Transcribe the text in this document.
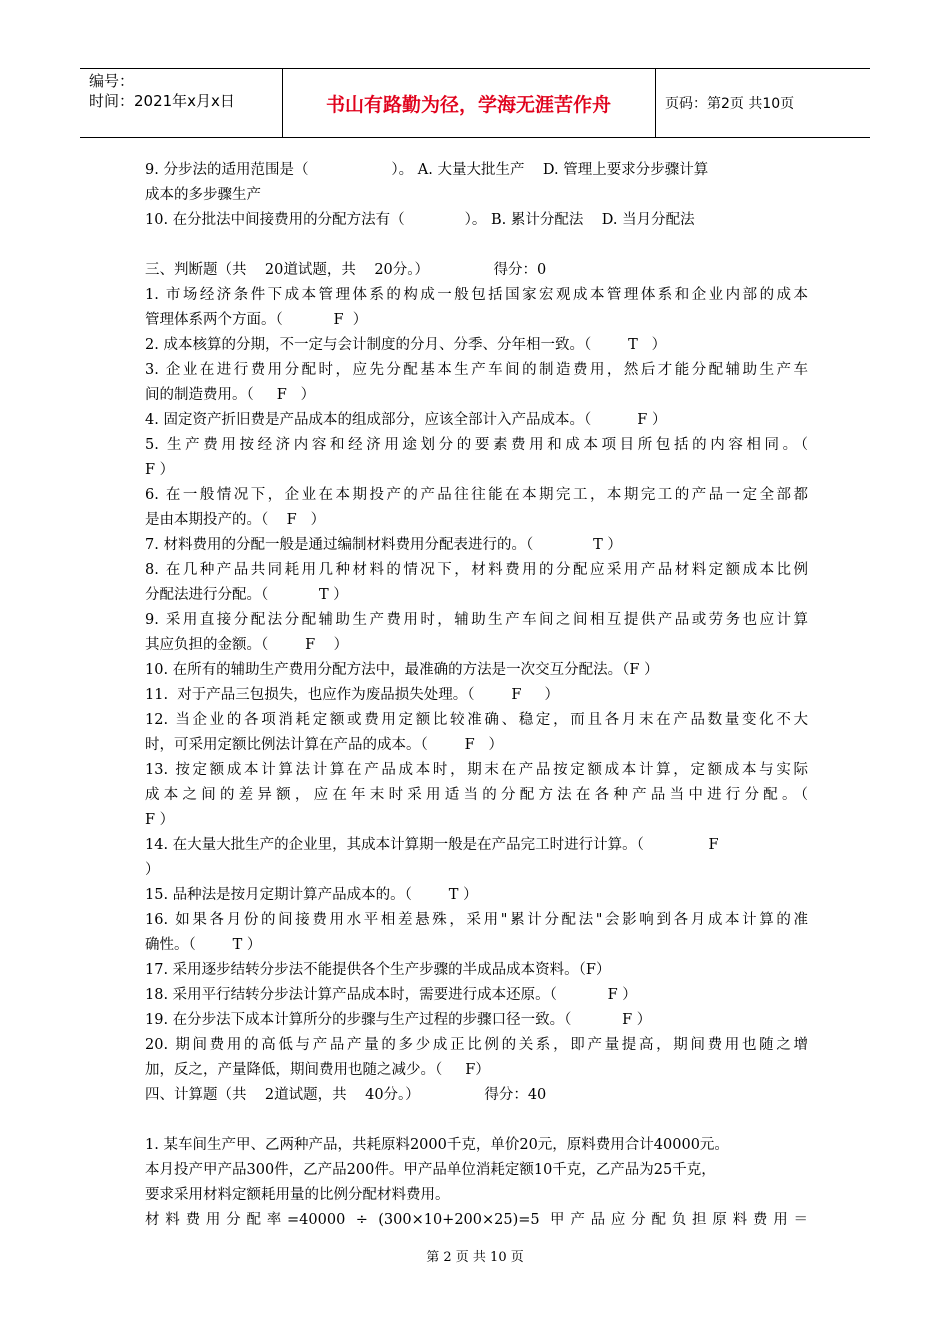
编号：
时间：2021年x月x日	书山有路勤为径，学海无涯苦作舟	页码：第2页 共10页
9. 分步法的适用范围是（                  ）。 A. 大量大批生产    D. 管理上要求分步骤计算
成本的多步骤生产
10. 在分批法中间接费用的分配方法有（             ）。 B. 累计分配法    D. 当月分配法
三、判断题（共    20道试题，共    20分。）              得分：0
1. 市场经济条件下成本管理体系的构成一般包括国家宏观成本管理体系和企业内部的成本
管理体系两个方面。（           F  ）
2. 成本核算的分期，不一定与会计制度的分月、分季、分年相一致。（        T   ）
3. 企业在进行费用分配时，应先分配基本生产车间的制造费用，然后才能分配辅助生产车
间的制造费用。（     F   ）
4. 固定资产折旧费是产品成本的组成部分，应该全部计入产品成本。（          F ）
5. 生产费用按经济内容和经济用途划分的要素费用和成本项目所包括的内容相同。（
F ）
6. 在一般情况下，企业在本期投产的产品往往能在本期完工，本期完工的产品一定全部都
是由本期投产的。（    F   ）
7. 材料费用的分配一般是通过编制材料费用分配表进行的。（             T ）
8. 在几种产品共同耗用几种材料的情况下，材料费用的分配应采用产品材料定额成本比例
分配法进行分配。（           T ）
9. 采用直接分配法分配辅助生产费用时，辅助生产车间之间相互提供产品或劳务也应计算
其应负担的金额。（        F    ）
10. 在所有的辅助生产费用分配方法中，最准确的方法是一次交互分配法。（F ）
11.  对于产品三包损失，也应作为废品损失处理。（        F     ）
12. 当企业的各项消耗定额或费用定额比较准确、稳定，而且各月末在产品数量变化不大
时，可采用定额比例法计算在产品的成本。（        F   ）
13. 按定额成本计算法计算在产品成本时，期末在产品按定额成本计算，定额成本与实际
成本之间的差异额，应在年末时采用适当的分配方法在各种产品当中进行分配。（
F ）
14. 在大量大批生产的企业里，其成本计算期一般是在产品完工时进行计算。（              F
）
15. 品种法是按月定期计算产品成本的。（        T ）
16. 如果各月份的间接费用水平相差悬殊，采用"累计分配法"会影响到各月成本计算的准
确性。（        T ）
17. 采用逐步结转分步法不能提供各个生产步骤的半成品成本资料。（F）
18. 采用平行结转分步法计算产品成本时，需要进行成本还原。（           F ）
19. 在分步法下成本计算所分的步骤与生产过程的步骤口径一致。（           F ）
20. 期间费用的高低与产品产量的多少成正比例的关系，即产量提高，期间费用也随之增
加，反之，产量降低，期间费用也随之减少。（     F）
四、计算题（共    2道试题，共    40分。）              得分：40
1. 某车间生产甲、乙两种产品，共耗原料2000千克，单价20元，原料费用合计40000元。
本月投产甲产品300件，乙产品200件。甲产品单位消耗定额10千克，乙产品为25千克，
要求采用材料定额耗用量的比例分配材料费用。
材料费用分配率=40000 ÷ (300×10+200×25)=5 甲产品应分配负担原料费用＝
第 2 页 共 10 页
